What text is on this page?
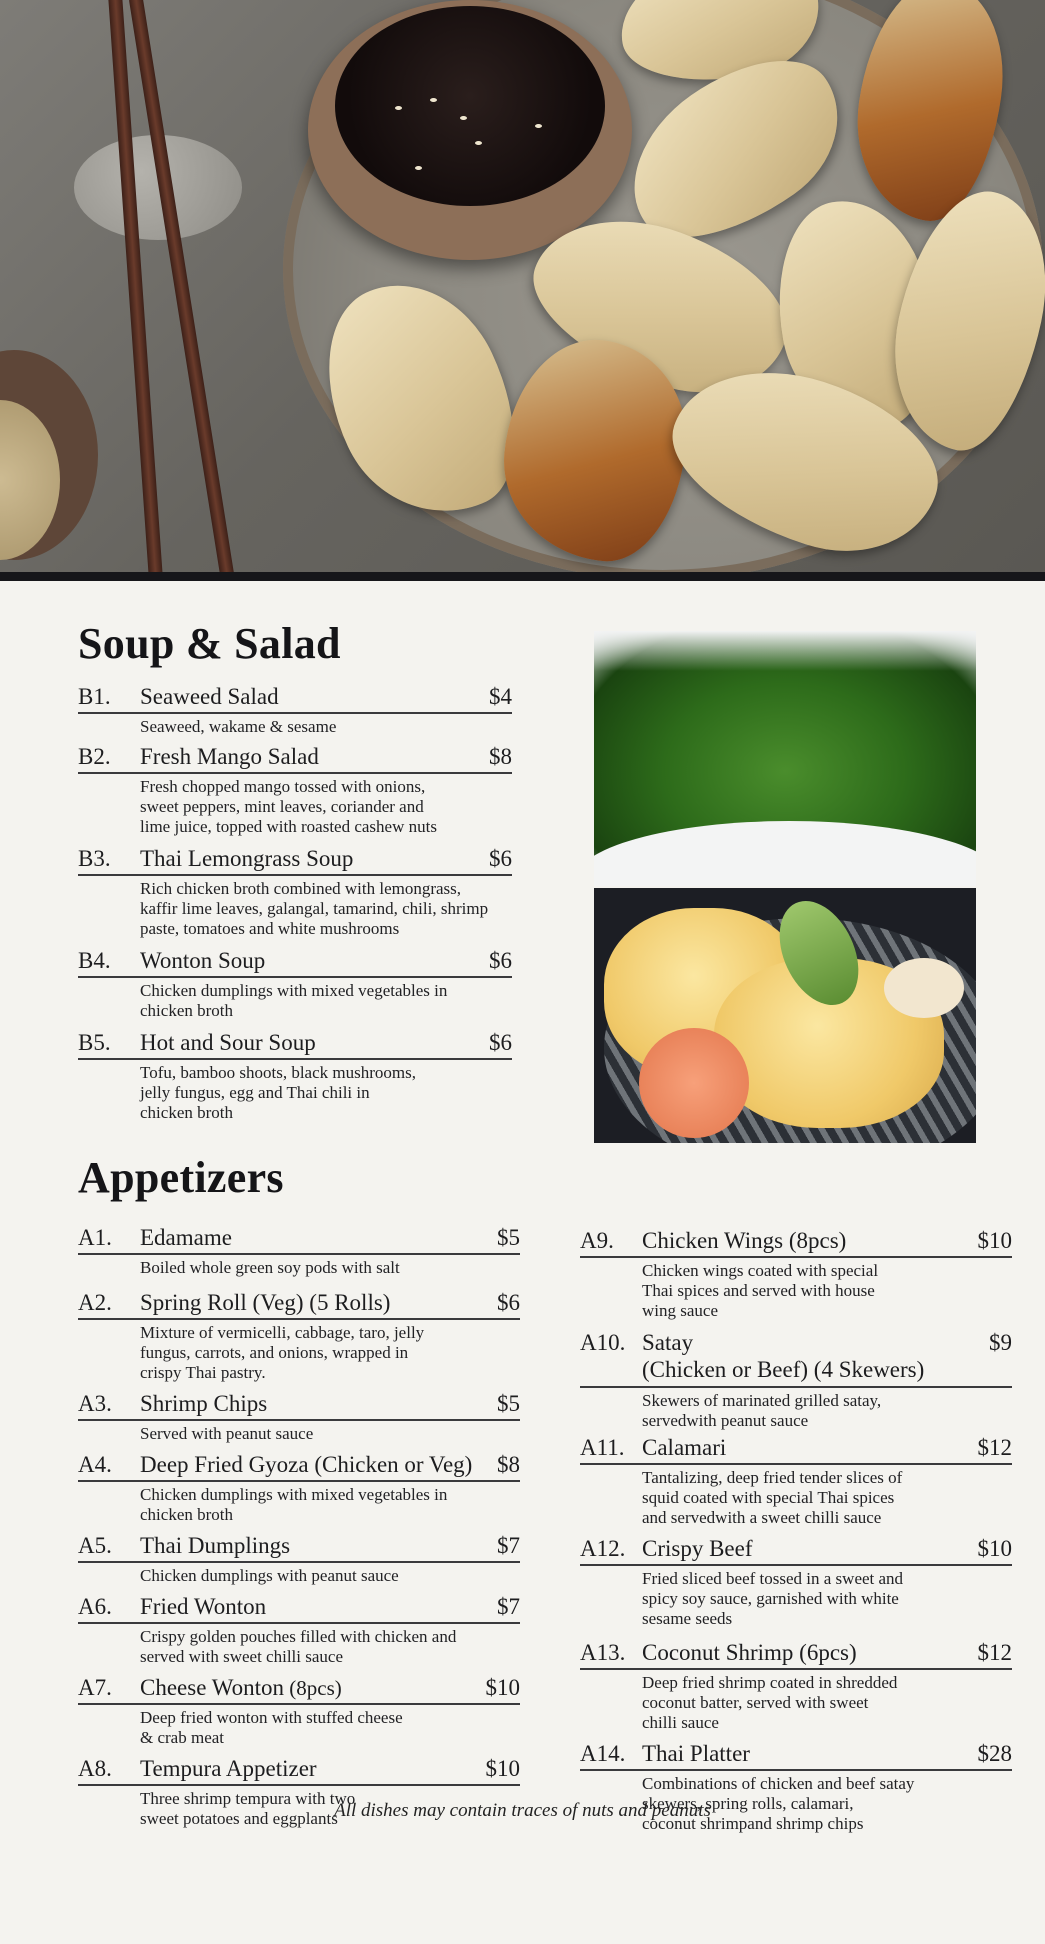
Soup & Salad
B1.	Seaweed Salad	$4
Seaweed, wakame & sesame
B2.	Fresh Mango Salad	$8
Fresh chopped mango tossed with onions,
sweet peppers, mint leaves, coriander and
lime juice, topped with roasted cashew nuts
B3.	Thai Lemongrass Soup	$6
Rich chicken broth combined with lemongrass,
kaffir lime leaves, galangal, tamarind, chili, shrimp
paste, tomatoes and white mushrooms
B4.	Wonton Soup	$6
Chicken dumplings with mixed vegetables in
chicken broth
B5.	Hot and Sour Soup	$6
Tofu, bamboo shoots, black mushrooms,
jelly fungus, egg and Thai chili in
chicken broth
Appetizers
A1.	Edamame	$5
Boiled whole green soy pods with salt
A2.	Spring Roll (Veg) (5 Rolls)	$6
Mixture of vermicelli, cabbage, taro, jelly
fungus, carrots, and onions, wrapped in
crispy Thai pastry.
A3.	Shrimp Chips	$5
Served with peanut sauce
A4.	Deep Fried Gyoza (Chicken or Veg)	$8
Chicken dumplings with mixed vegetables in
chicken broth
A5.	Thai Dumplings	$7
Chicken dumplings with peanut sauce
A6.	Fried Wonton	$7
Crispy golden pouches filled with chicken and
served with sweet chilli sauce
A7.	Cheese Wonton (8pcs)	$10
Deep fried wonton with stuffed cheese
& crab meat
A8.	Tempura Appetizer	$10
Three shrimp tempura with two
sweet potatoes and eggplants
A9.	Chicken Wings (8pcs)	$10
Chicken wings coated with special
Thai spices and served with house
wing sauce
A10. Satay	$9
(Chicken or Beef) (4 Skewers)
Skewers of marinated grilled satay,
servedwith peanut sauce
A11. Calamari	$12
Tantalizing, deep fried tender slices of
squid coated with special Thai spices
and servedwith a sweet chilli sauce
A12. Crispy Beef	$10
Fried sliced beef tossed in a sweet and
spicy soy sauce, garnished with white
sesame seeds
A13. Coconut Shrimp (6pcs)	$12
Deep fried shrimp coated in shredded
coconut batter, served with sweet
chilli sauce
A14. Thai Platter	$28
Combinations of chicken and beef satay
skewers, spring rolls, calamari,
coconut shrimpand shrimp chips
All dishes may contain traces of nuts and peanuts
